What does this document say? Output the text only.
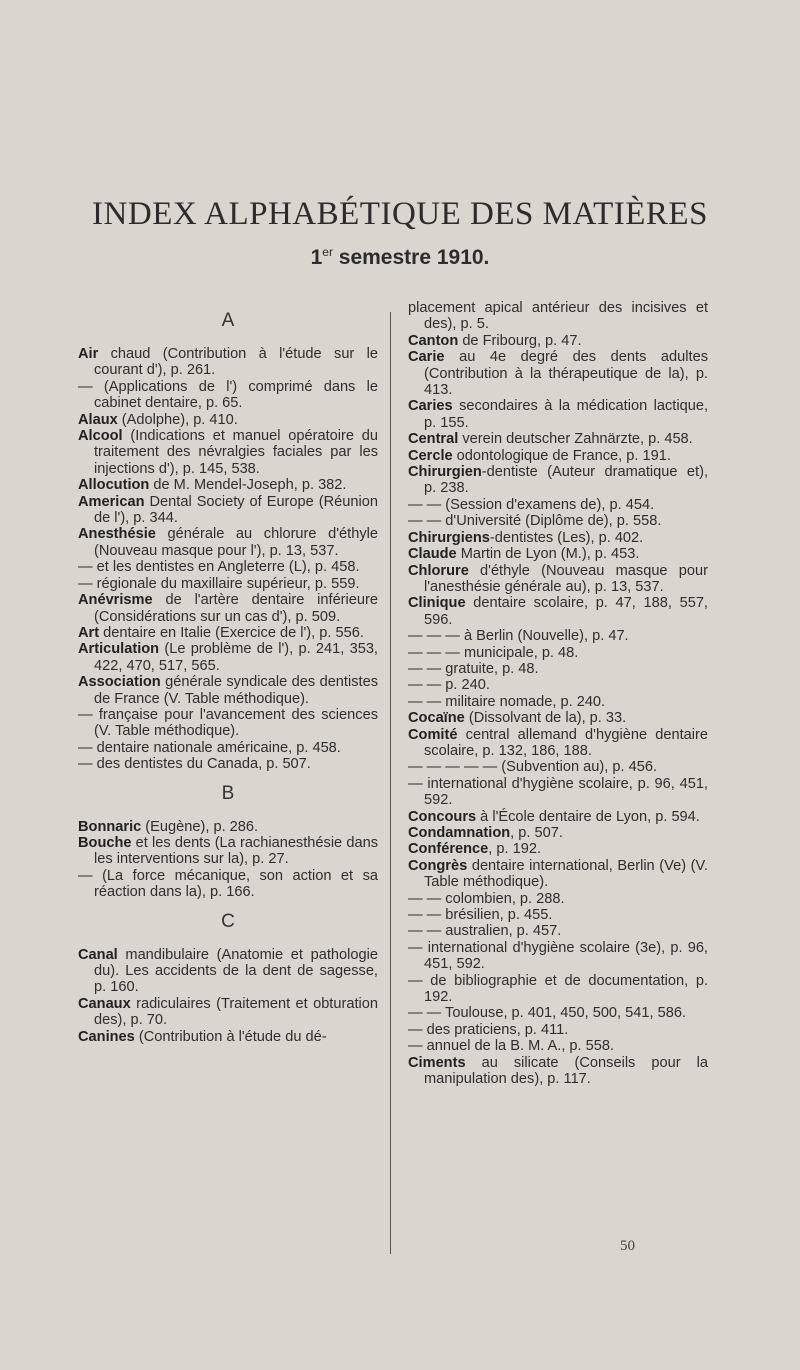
INDEX ALPHABÉTIQUE DES MATIÈRES
1er semestre 1910.
A

Air chaud (Contribution à l'étude sur le courant d'), p. 261.

— (Applications de l') comprimé dans le cabinet dentaire, p. 65.

Alaux (Adolphe), p. 410.

Alcool (Indications et manuel opératoire du traitement des névralgies faciales par les injections d'), p. 145, 538.

Allocution de M. Mendel-Joseph, p. 382.

American Dental Society of Europe (Réunion de l'), p. 344.

Anesthésie générale au chlorure d'éthyle (Nouveau masque pour l'), p. 13, 537.

— et les dentistes en Angleterre (L), p. 458.

— régionale du maxillaire supérieur, p. 559.

Anévrisme de l'artère dentaire inférieure (Considérations sur un cas d'), p. 509.

Art dentaire en Italie (Exercice de l'), p. 556.

Articulation (Le problème de l'), p. 241, 353, 422, 470, 517, 565.

Association générale syndicale des dentistes de France (V. Table méthodique).

— française pour l'avancement des sciences (V. Table méthodique).

— dentaire nationale américaine, p. 458.

— des dentistes du Canada, p. 507.

B

Bonnaric (Eugène), p. 286.

Bouche et les dents (La rachianesthésie dans les interventions sur la), p. 27.

— (La force mécanique, son action et sa réaction dans la), p. 166.

C

Canal mandibulaire (Anatomie et pathologie du). Les accidents de la dent de sagesse, p. 160.

Canaux radiculaires (Traitement et obturation des), p. 70.

Canines (Contribution à l'étude du dé-

placement apical antérieur des incisives et des), p. 5.

Canton de Fribourg, p. 47.

Carie au 4e degré des dents adultes (Contribution à la thérapeutique de la), p. 413.

Caries secondaires à la médication lactique, p. 155.

Central verein deutscher Zahnärzte, p. 458.

Cercle odontologique de France, p. 191.

Chirurgien-dentiste (Auteur dramatique et), p. 238.

— — (Session d'examens de), p. 454.

— — d'Université (Diplôme de), p. 558.

Chirurgiens-dentistes (Les), p. 402.

Claude Martin de Lyon (M.), p. 453.

Chlorure d'éthyle (Nouveau masque pour l'anesthésie générale au), p. 13, 537.

Clinique dentaire scolaire, p. 47, 188, 557, 596.

— — — à Berlin (Nouvelle), p. 47.

— — — municipale, p. 48.

— — gratuite, p. 48.

— — p. 240.

— — militaire nomade, p. 240.

Cocaïne (Dissolvant de la), p. 33.

Comité central allemand d'hygiène dentaire scolaire, p. 132, 186, 188.

— — — — — (Subvention au), p. 456.

— international d'hygiène scolaire, p. 96, 451, 592.

Concours à l'École dentaire de Lyon, p. 594.

Condamnation, p. 507.

Conférence, p. 192.

Congrès dentaire international, Berlin (Ve) (V. Table méthodique).

— — colombien, p. 288.

— — brésilien, p. 455.

— — australien, p. 457.

— international d'hygiène scolaire (3e), p. 96, 451, 592.

— de bibliographie et de documentation, p. 192.

— — Toulouse, p. 401, 450, 500, 541, 586.

— des praticiens, p. 411.

— annuel de la B. M. A., p. 558.

Ciments au silicate (Conseils pour la manipulation des), p. 117.

50
